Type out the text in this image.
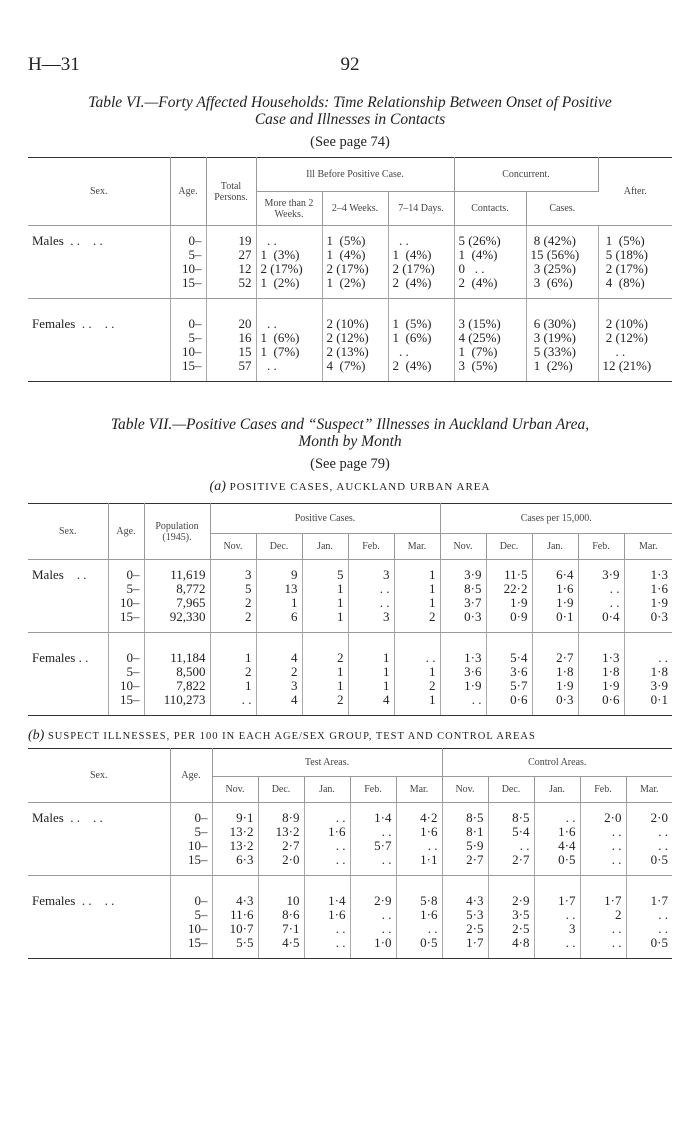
H—31	92
Table VI.—Forty Affected Households: Time Relationship Between Onset of Positive
Case and Illnesses in Contacts
(See page 74)
Sex.	Age.	Total Persons.	Ill Before Positive Case.			Concurrent.		After.
			More than 2 Weeks.	2–4 Weeks.	7–14 Days.	Contacts.	Cases.	
Males  . .    . .	0–	19	. .	1  (5%)	. .	5 (26%)	8 (42%)	1  (5%)
	5–	27	1  (3%)	1  (4%)	1  (4%)	1  (4%)	15 (56%)	5 (18%)
	10–	12	2 (17%)	2 (17%)	2 (17%)	0   . .	3 (25%)	2 (17%)
	15–	52	1  (2%)	1  (2%)	2  (4%)	2  (4%)	3  (6%)	4  (8%)

Females  . .    . .	0–	20	. .	2 (10%)	1  (5%)	3 (15%)	6 (30%)	2 (10%)
	5–	16	1  (6%)	2 (12%)	1  (6%)	4 (25%)	3 (19%)	2 (12%)
	10–	15	1  (7%)	2 (13%)	. .	1  (7%)	5 (33%)	. .
	15–	57	. .	4  (7%)	2  (4%)	3  (5%)	1  (2%)	12 (21%)
Table VII.—Positive Cases and “Suspect” Illnesses in Auckland Urban Area,
Month by Month
(See page 79)
(a) POSITIVE CASES, AUCKLAND URBAN AREA
Sex.	Age.	Population (1945).	Positive Cases.					Cases per 15,000.				
			Nov.	Dec.	Jan.	Feb.	Mar.	Nov.	Dec.	Jan.	Feb.	Mar.
Males    . .	0–	11,619	3	9	5	3	1	3·9	11·5	6·4	3·9	1·3
	5–	8,772	5	13	1	. .	1	8·5	22·2	1·6	. .	1·6
	10–	7,965	2	1	1	. .	1	3·7	1·9	1·9	. .	1·9
	15–	92,330	2	6	1	3	2	0·3	0·9	0·1	0·4	0·3

Females . .	0–	11,184	1	4	2	1	. .	1·3	5·4	2·7	1·3	. .
	5–	8,500	2	2	1	1	1	3·6	3·6	1·8	1·8	1·8
	10–	7,822	1	3	1	1	2	1·9	5·7	1·9	1·9	3·9
	15–	110,273	. .	4	2	4	1	. .	0·6	0·3	0·6	0·1
(b) SUSPECT ILLNESSES, PER 100 IN EACH AGE/SEX GROUP, TEST AND CONTROL AREAS
Sex.	Age.	Test Areas.					Control Areas.				
		Nov.	Dec.	Jan.	Feb.	Mar.	Nov.	Dec.	Jan.	Feb.	Mar.
Males  . .    . .	0–	9·1	8·9	. .	1·4	4·2	8·5	8·5	. .	2·0	2·0
	5–	13·2	13·2	1·6	. .	1·6	8·1	5·4	1·6	. .	. .
	10–	13·2	2·7	. .	5·7	. .	5·9	. .	4·4	. .	. .
	15–	6·3	2·0	. .	. .	1·1	2·7	2·7	0·5	. .	0·5

Females  . .    . .	0–	4·3	10	1·4	2·9	5·8	4·3	2·9	1·7	1·7	1·7
	5–	11·6	8·6	1·6	. .	1·6	5·3	3·5	. .	2	. .
	10–	10·7	7·1	. .	. .	. .	2·5	2·5	3	. .	. .
	15–	5·5	4·5	. .	1·0	0·5	1·7	4·8	. .	. .	0·5
